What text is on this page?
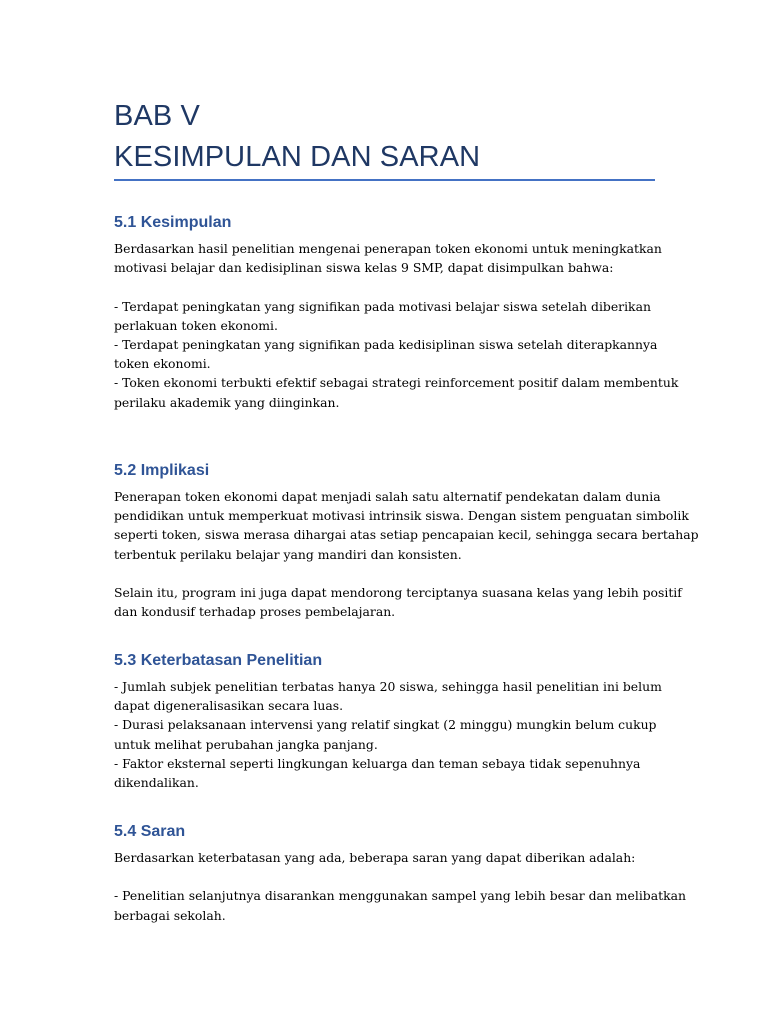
BAB V
KESIMPULAN DAN SARAN
5.1 Kesimpulan
Berdasarkan hasil penelitian mengenai penerapan token ekonomi untuk meningkatkan
motivasi belajar dan kedisiplinan siswa kelas 9 SMP, dapat disimpulkan bahwa:
- Terdapat peningkatan yang signifikan pada motivasi belajar siswa setelah diberikan
perlakuan token ekonomi.
- Terdapat peningkatan yang signifikan pada kedisiplinan siswa setelah diterapkannya
token ekonomi.
- Token ekonomi terbukti efektif sebagai strategi reinforcement positif dalam membentuk
perilaku akademik yang diinginkan.
5.2 Implikasi
Penerapan token ekonomi dapat menjadi salah satu alternatif pendekatan dalam dunia
pendidikan untuk memperkuat motivasi intrinsik siswa. Dengan sistem penguatan simbolik
seperti token, siswa merasa dihargai atas setiap pencapaian kecil, sehingga secara bertahap
terbentuk perilaku belajar yang mandiri dan konsisten.
Selain itu, program ini juga dapat mendorong terciptanya suasana kelas yang lebih positif
dan kondusif terhadap proses pembelajaran.
5.3 Keterbatasan Penelitian
- Jumlah subjek penelitian terbatas hanya 20 siswa, sehingga hasil penelitian ini belum
dapat digeneralisasikan secara luas.
- Durasi pelaksanaan intervensi yang relatif singkat (2 minggu) mungkin belum cukup
untuk melihat perubahan jangka panjang.
- Faktor eksternal seperti lingkungan keluarga dan teman sebaya tidak sepenuhnya
dikendalikan.
5.4 Saran
Berdasarkan keterbatasan yang ada, beberapa saran yang dapat diberikan adalah:
- Penelitian selanjutnya disarankan menggunakan sampel yang lebih besar dan melibatkan
berbagai sekolah.
